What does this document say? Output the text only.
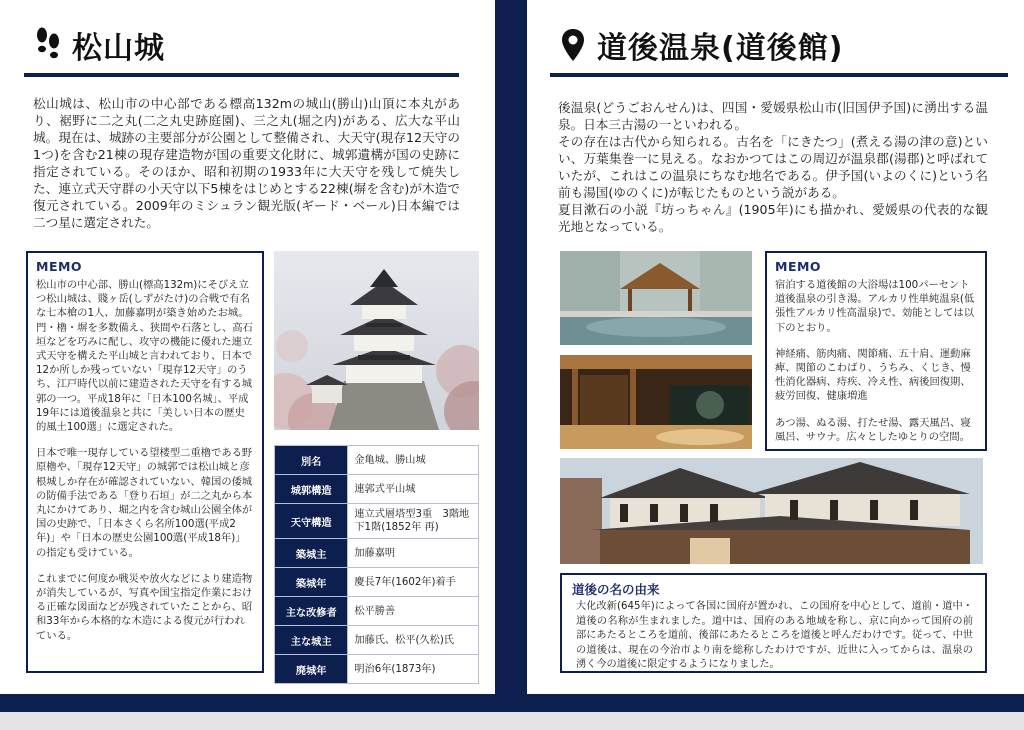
松山城
松山城は、松山市の中心部である標高132mの城山(勝山)山頂に本丸があり、裾野に二之丸(二之丸史跡庭園)、三之丸(堀之内)がある、広大な平山城。現在は、城跡の主要部分が公園として整備され、大天守(現存12天守の1つ)を含む21棟の現存建造物が国の重要文化財に、城郭遺構が国の史跡に指定されている。そのほか、昭和初期の1933年に大天守を残して焼失した、連立式天守群の小天守以下5棟をはじめとする22棟(塀を含む)が木造で復元されている。2009年のミシュラン観光版(ギード・ベール)日本編では二つ星に選定された。
MEMO

松山市の中心部、勝山(標高132m)にそびえ立つ松山城は、賤ヶ岳(しずがたけ)の合戦で有名な七本槍の1人、加藤嘉明が築き始めたお城。門・櫓・塀を多数備え、狭間や石落とし、高石垣などを巧みに配し、攻守の機能に優れた連立式天守を構えた平山城と言われており、日本で12か所しか残っていない「現存12天守」のうち、江戸時代以前に建造された天守を有する城郭の一つ。平成18年に「日本100名城」、平成19年には道後温泉と共に「美しい日本の歴史的風土100選」に選定された。

日本で唯一現存している望楼型二重櫓である野原櫓や、「現存12天守」の城郭では松山城と彦根城しか存在が確認されていない、韓国の倭城の防備手法である「登り石垣」が二之丸から本丸にかけてあり、堀之内を含む城山公園全体が国の史跡で、「日本さくら名所100選(平成2年)」や「日本の歴史公園100選(平成18年)」の指定も受けている。

これまでに何度か戦災や放火などにより建造物が消失しているが、写真や国宝指定作業における正確な図面などが残されていたことから、昭和33年から本格的な木造による復元が行われている。

別名	金亀城、勝山城
城郭構造	連郭式平山城
天守構造	連立式層塔型3重　3階地下1階(1852年 再)
築城主	加藤嘉明
築城年	慶長7年(1602年)着手
主な改修者	松平勝善
主な城主	加藤氏、松平(久松)氏
廃城年	明治6年(1873年)
道後温泉(道後館)
後温泉(どうごおんせん)は、四国・愛媛県松山市(旧国伊予国)に湧出する温泉。日本三古湯の一といわれる。
その存在は古代から知られる。古名を「にきたつ」(煮える湯の津の意)といい、万葉集巻一に見える。なおかつてはこの周辺が温泉郡(湯郡)と呼ばれていたが、これはこの温泉にちなむ地名である。伊予国(いよのくに)という名前も湯国(ゆのくに)が転じたものという説がある。
夏目漱石の小説『坊っちゃん』(1905年)にも描かれ、愛媛県の代表的な観光地となっている。
MEMO

宿泊する道後館の大浴場は100パーセント道後温泉の引き湯。アルカリ性単純温泉(低張性アルカリ性高温泉)で、効能としては以下のとおり。

神経痛、筋肉痛、関節痛、五十肩、運動麻痺、関節のこわばり、うちみ、くじき、慢性消化器病、痔疾、冷え性、病後回復期、疲労回復、健康増進

あつ湯、ぬる湯、打たせ湯、露天風呂、寝風呂、サウナ。広々としたゆとりの空間。

道後の名の由来
大化改新(645年)によって各国に国府が置かれ、この国府を中心として、道前・道中・道後の名称が生まれました。道中は、国府のある地域を称し、京に向かって国府の前部にあたるところを道前、後部にあたるところを道後と呼んだわけです。従って、中世の道後は、現在の今治市より南を総称したわけですが、近世に入ってからは、温泉の湧く今の道後に限定するようになりました。
